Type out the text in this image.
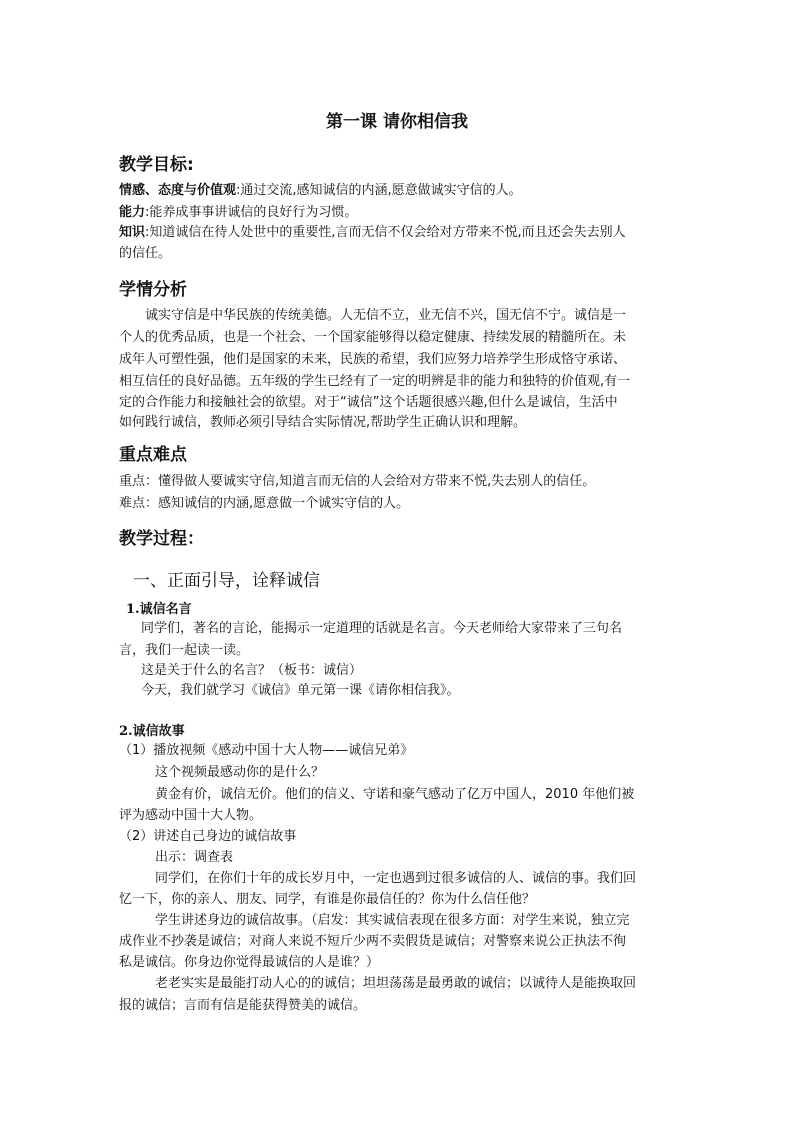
第一课 请你相信我
教学目标:
情感、态度与价值观:通过交流,感知诚信的内涵,愿意做诚实守信的人。
能力:能养成事事讲诚信的良好行为习惯。
知识:知道诚信在待人处世中的重要性,言而无信不仅会给对方带来不悦,而且还会失去别人
的信任。
学情分析
诚实守信是中华民族的传统美德。人无信不立，业无信不兴，国无信不宁。诚信是一
个人的优秀品质，也是一个社会、一个国家能够得以稳定健康、持续发展的精髓所在。未
成年人可塑性强，他们是国家的未来，民族的希望，我们应努力培养学生形成恪守承诺、
相互信任的良好品德。五年级的学生已经有了一定的明辨是非的能力和独特的价值观,有一
定的合作能力和接触社会的欲望。对于“诚信”这个话题很感兴趣,但什么是诚信，生活中
如何践行诚信，教师必须引导结合实际情况,帮助学生正确认识和理解。
重点难点
重点：懂得做人要诚实守信,知道言而无信的人会给对方带来不悦,失去别人的信任。
难点：感知诚信的内涵,愿意做一个诚实守信的人。
教学过程：
一、正面引导，诠释诚信
1.诚信名言
同学们，著名的言论，能揭示一定道理的话就是名言。今天老师给大家带来了三句名
言，我们一起读一读。
这是关于什么的名言？（板书：诚信）
今天，我们就学习《诚信》单元第一课《请你相信我》。
2.诚信故事
（1）播放视频《感动中国十大人物——诚信兄弟》
这个视频最感动你的是什么？
黄金有价，诚信无价。他们的信义、守诺和豪气感动了亿万中国人，2010 年他们被
评为感动中国十大人物。
（2）讲述自己身边的诚信故事
出示：调查表
同学们，在你们十年的成长岁月中，一定也遇到过很多诚信的人、诚信的事。我们回
忆一下，你的亲人、朋友、同学，有谁是你最信任的？你为什么信任他？
学生讲述身边的诚信故事。（启发：其实诚信表现在很多方面：对学生来说，独立完
成作业不抄袭是诚信；对商人来说不短斤少两不卖假货是诚信；对警察来说公正执法不徇
私是诚信。你身边你觉得最诚信的人是谁？）
老老实实是最能打动人心的的诚信；坦坦荡荡是最勇敢的诚信；以诚待人是能换取回
报的诚信；言而有信是能获得赞美的诚信。
